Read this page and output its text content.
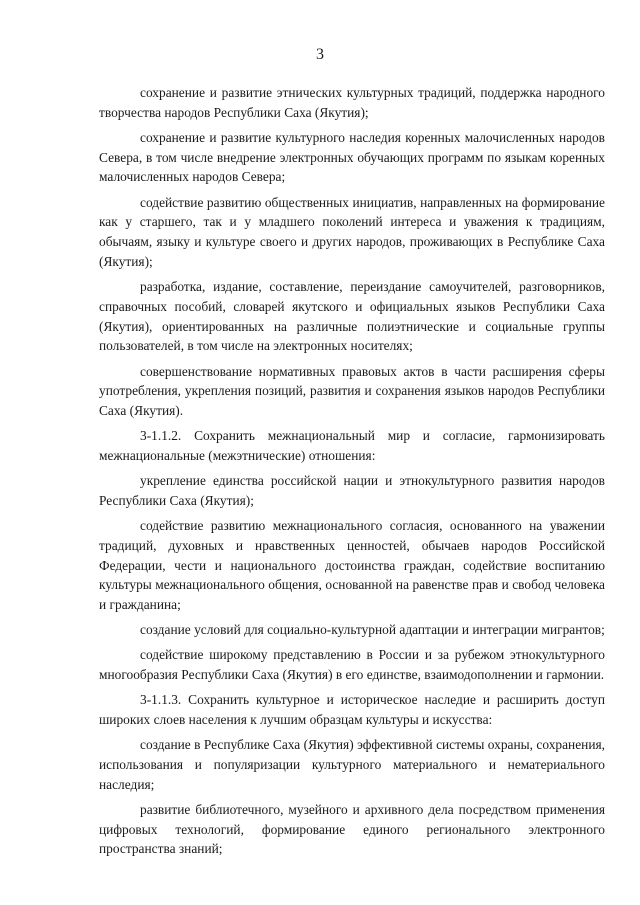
3

сохранение и развитие этнических культурных традиций, поддержка народного творчества народов Республики Саха (Якутия);

сохранение и развитие культурного наследия коренных малочисленных народов Севера, в том числе внедрение электронных обучающих программ по языкам коренных малочисленных народов Севера;

содействие развитию общественных инициатив, направленных на формирование как у старшего, так и у младшего поколений интереса и уважения к традициям, обычаям, языку и культуре своего и других народов, проживающих в Республике Саха (Якутия);

разработка, издание, составление, переиздание самоучителей, разговорников, справочных пособий, словарей якутского и официальных языков Республики Саха (Якутия), ориентированных на различные полиэтнические и социальные группы пользователей, в том числе на электронных носителях;

совершенствование нормативных правовых актов в части расширения сферы употребления, укрепления позиций, развития и сохранения языков народов Республики Саха (Якутия).

3-1.1.2. Сохранить межнациональный мир и согласие, гармонизировать межнациональные (межэтнические) отношения:

укрепление единства российской нации и этнокультурного развития народов Республики Саха (Якутия);

содействие развитию межнационального согласия, основанного на уважении традиций, духовных и нравственных ценностей, обычаев народов Российской Федерации, чести и национального достоинства граждан, содействие воспитанию культуры межнационального общения, основанной на равенстве прав и свобод человека и гражданина;

создание условий для социально-культурной адаптации и интеграции мигрантов;

содействие широкому представлению в России и за рубежом этнокультурного многообразия Республики Саха (Якутия) в его единстве, взаимодополнении и гармонии.

3-1.1.3. Сохранить культурное и историческое наследие и расширить доступ широких слоев населения к лучшим образцам культуры и искусства:

создание в Республике Саха (Якутия) эффективной системы охраны, сохранения, использования и популяризации культурного материального и нематериального наследия;

развитие библиотечного, музейного и архивного дела посредством применения цифровых технологий, формирование единого регионального электронного пространства знаний;
